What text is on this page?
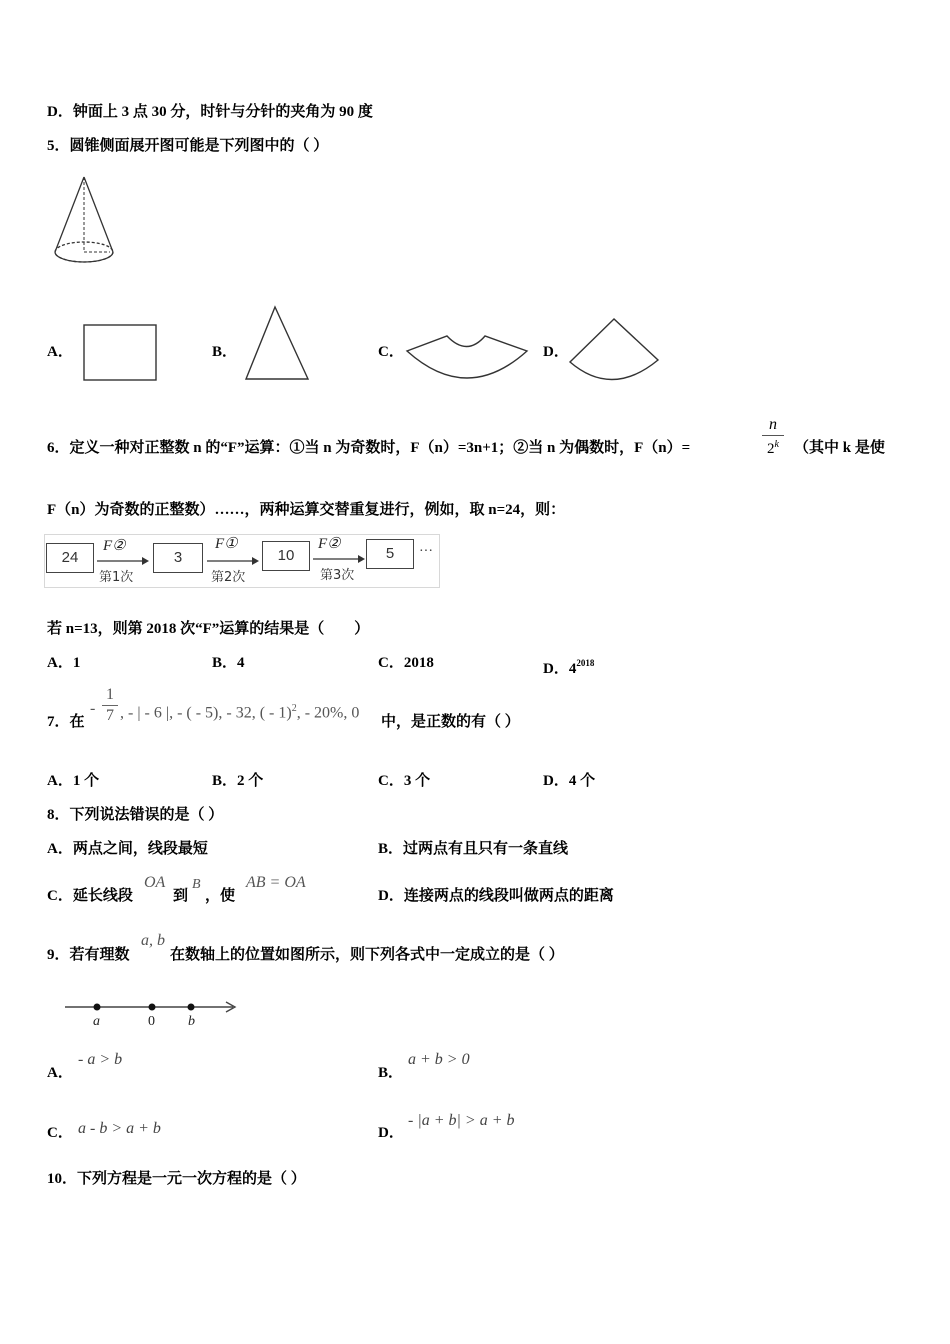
D．钟面上 3 点 30 分，时针与分针的夹角为 90 度
5．圆锥侧面展开图可能是下列图中的（ ）
A．	B．	C．	D．
6．定义一种对正整数 n 的“F”运算：①当 n 为奇数时，F（n）=3n+1；②当 n 为偶数时，F（n）=
n
2$^k$	（其中 k 是使
F（n）为奇数的正整数）……，两种运算交替重复进行，例如，取 n=24，则：
24
F②
第1次
3
F①
第2次
10
F②
第3次
5	···
若 n=13，则第 2018 次“F”运算的结果是（　　）
A．1	B．4	C．2018	D．$4^{2018}$
7．在
-
1
7 , - | - 6 |, - ( - 5), - 32, ( - 1)$^2$, - 20%, 0
中，是正数的有（ ）
A．1 个	B．2 个	C．3 个	D．4 个
8．下列说法错误的是（ ）
A．两点之间，线段最短	B．过两点有且只有一条直线
C．延长线段
OA
到
B
，使
AB = OA
D．连接两点的线段叫做两点的距离
9．若有理数
a, b
在数轴上的位置如图所示，则下列各式中一定成立的是（ ）
a	0 b
A．
- a > b
B．
a + b > 0
C． a - b > a + b	D．
- |a + b| > a + b
10．下列方程是一元一次方程的是（ ）
